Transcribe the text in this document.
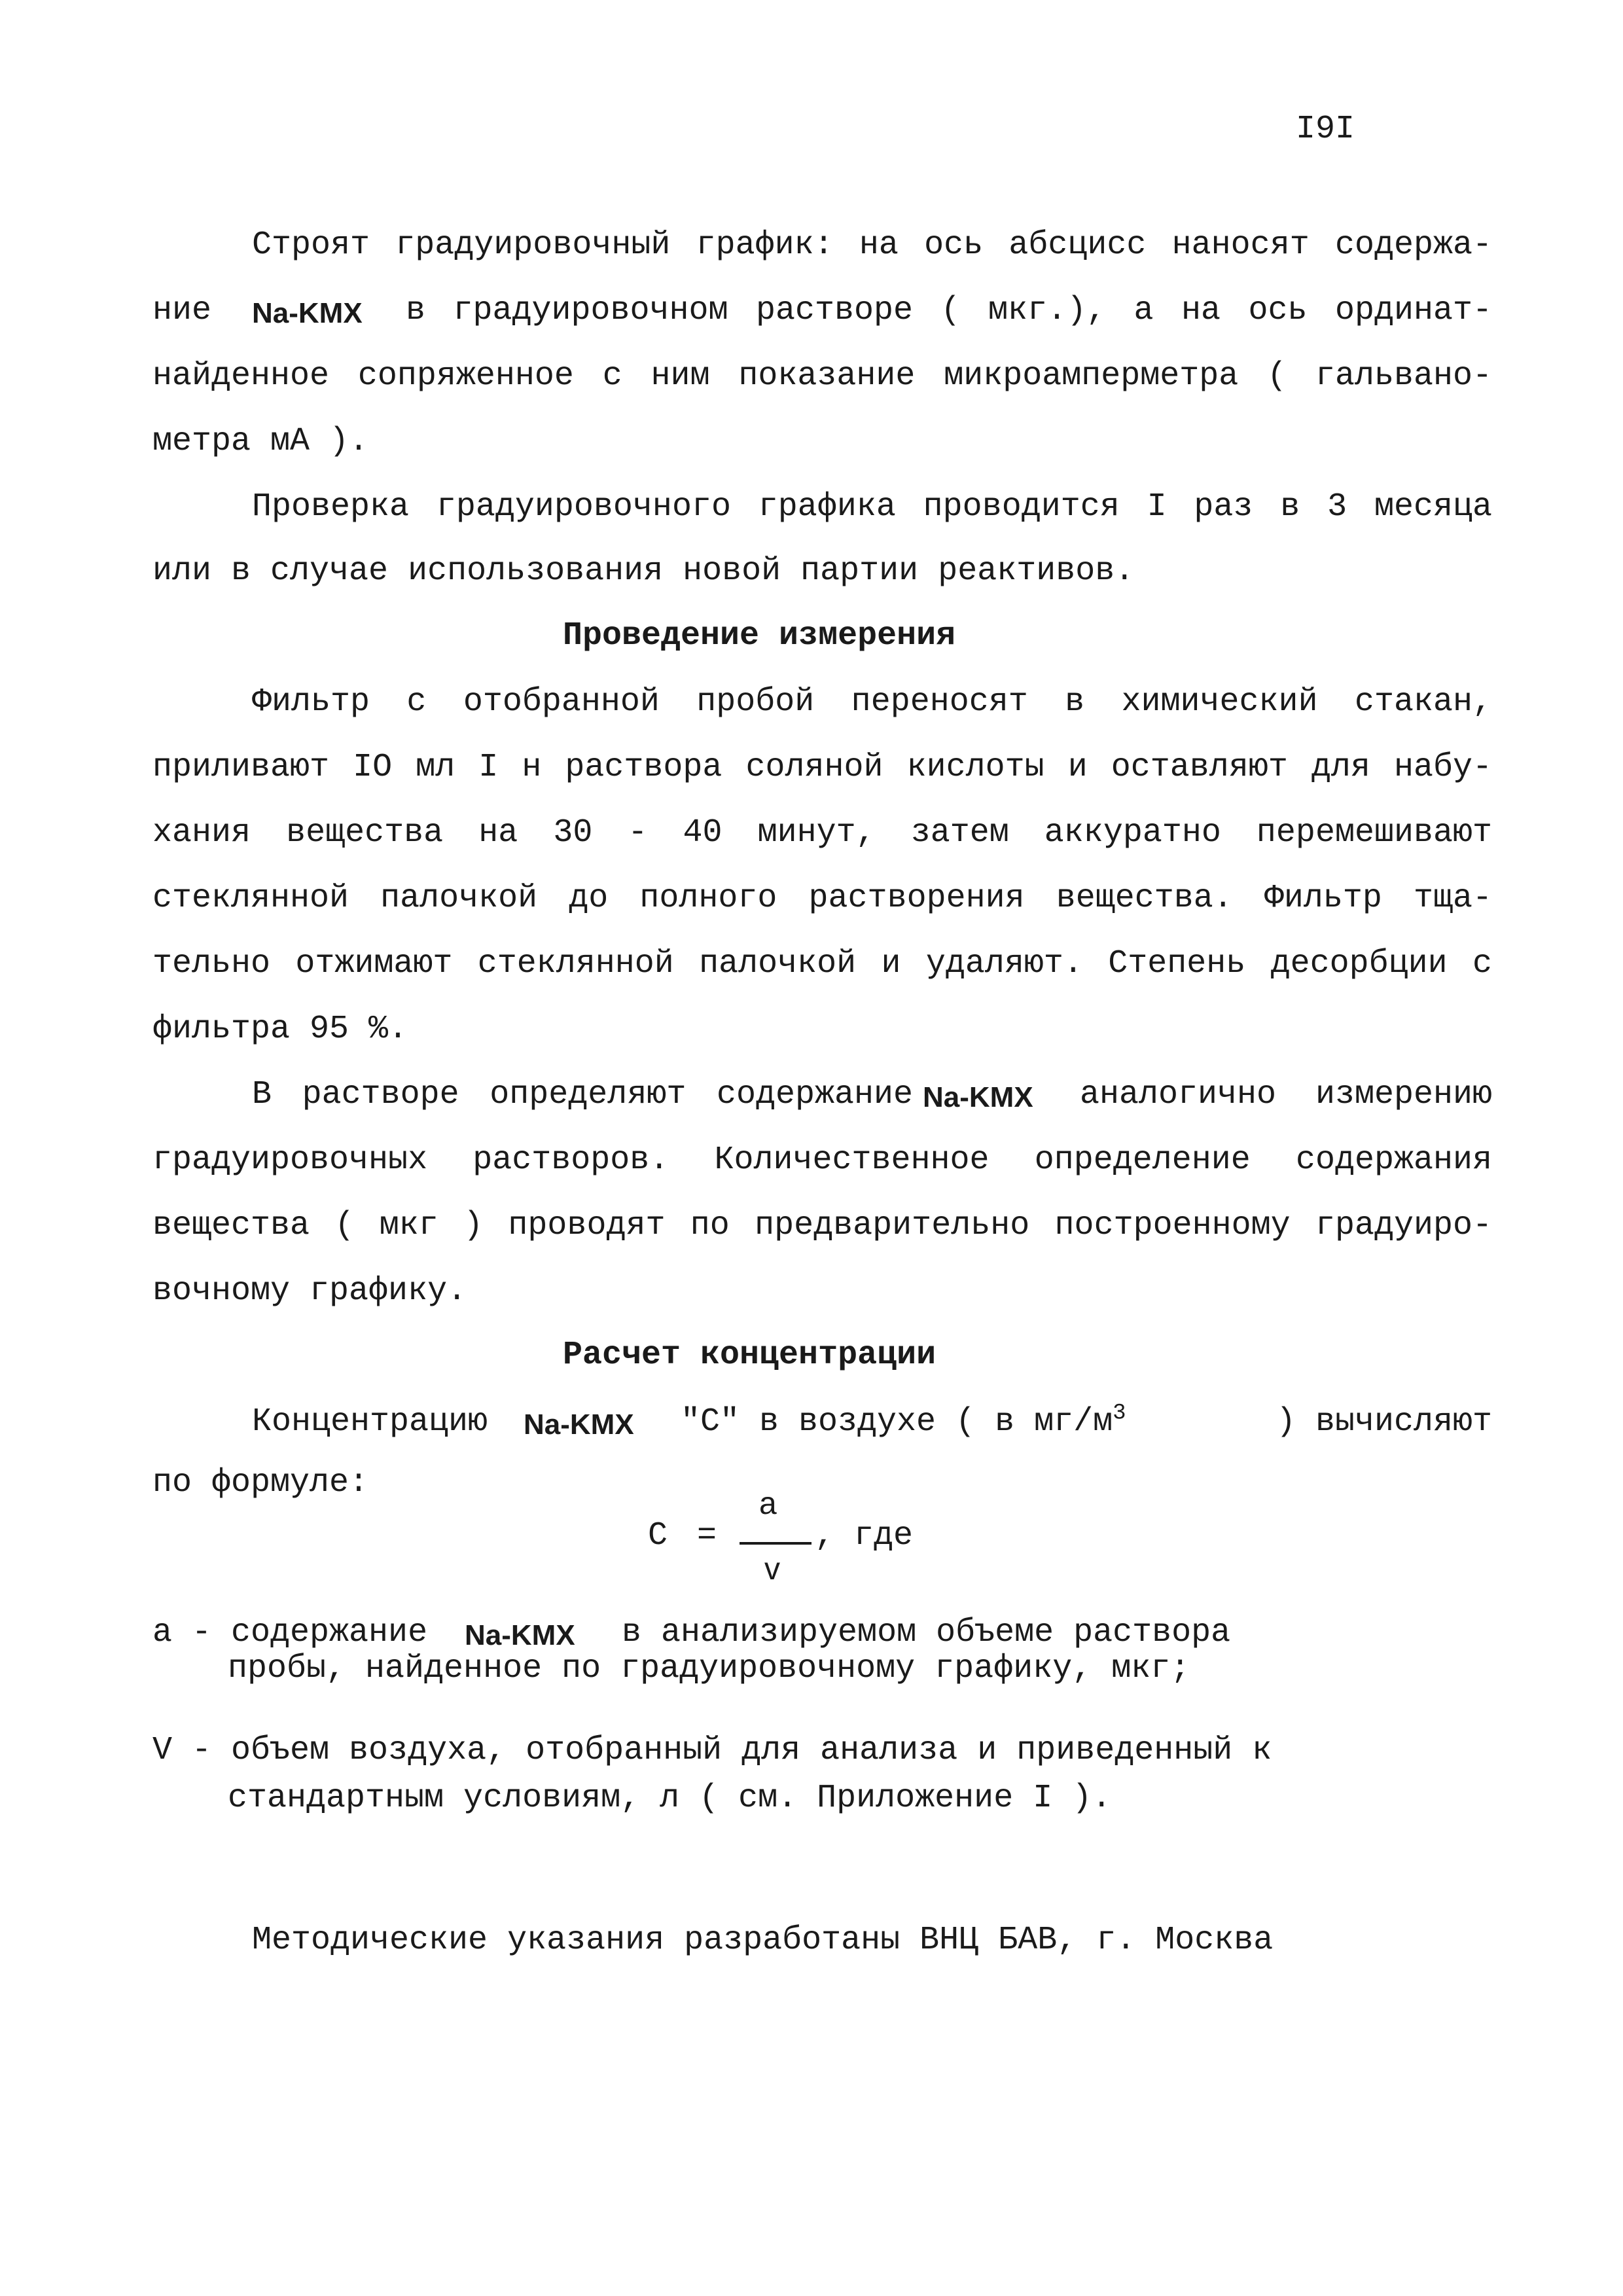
I9I
Строят градуировочный график: на ось абсцисс наносят содержа-
ние Na-KMX в градуировочном растворе ( мкг.), а на ось ординат-
найденное сопряженное с ним показание микроамперметра ( гальвано-
метра мА ).
Проверка градуировочного графика проводится I раз в 3 месяца
или в случае использования новой партии реактивов.
Проведение измерения
Фильтр с отобранной пробой переносят в химический стакан,
приливают IO мл I н раствора соляной кислоты и оставляют для набу-
хания вещества на 30 - 40 минут, затем аккуратно перемешивают
стеклянной палочкой до полного растворения вещества. Фильтр тща-
тельно отжимают стеклянной палочкой и удаляют. Степень десорбции с
фильтра 95 %.
В растворе определяют содержание Na-KMX аналогично измерению
градуировочных растворов. Количественное определение содержания
вещества ( мкг ) проводят по предварительно построенному градуиро-
вочному графику.
Расчет концентрации
Концентрацию Na-KMX "С" в воздухе ( в $мг/м^3$	) вычисляют
по формуле:
a
С =	, где
v
а - содержание Na-KMX в анализируемом объеме раствора
пробы, найденное по градуировочному графику, мкг;
V - объем воздуха, отобранный для анализа и приведенный к
стандартным условиям, л ( см. Приложение I ).
Методические указания разработаны ВНЦ БАВ, г. Москва
